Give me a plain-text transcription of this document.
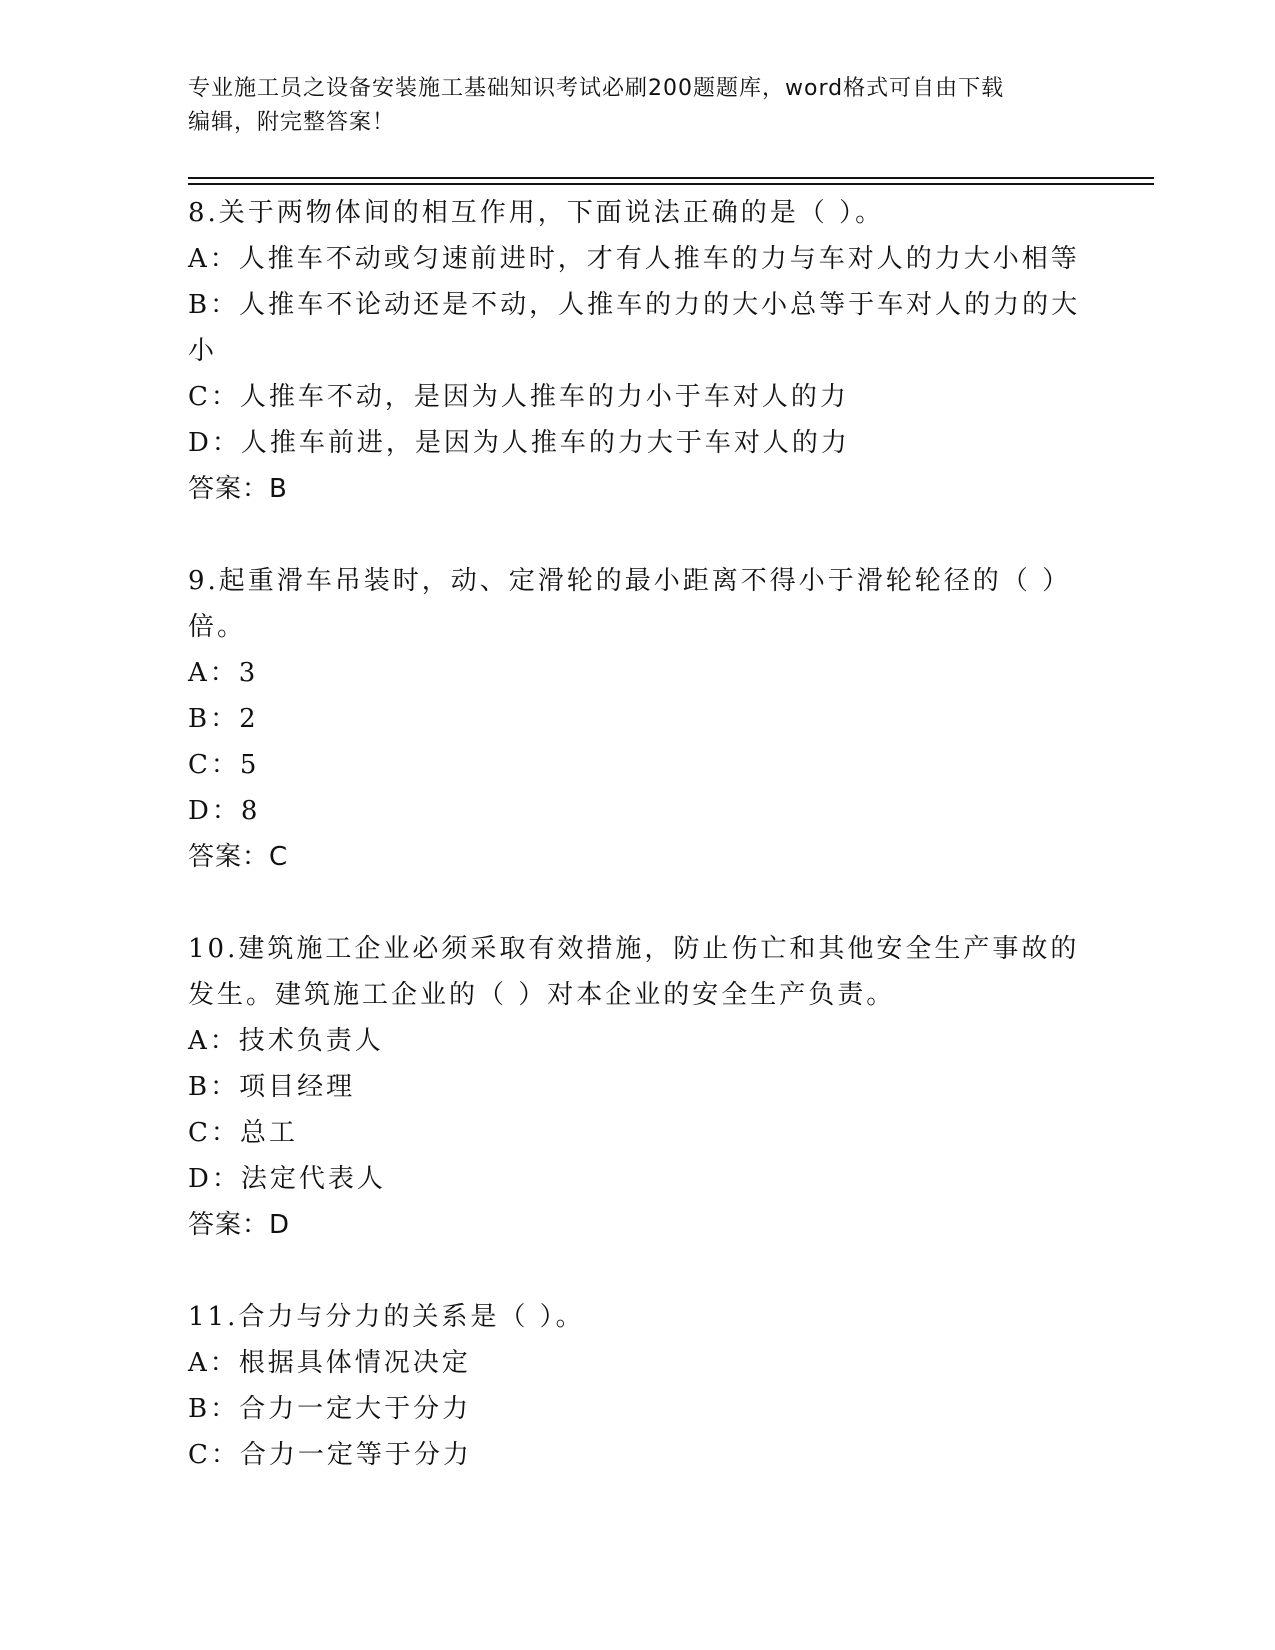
专业施工员之设备安装施工基础知识考试必刷200题题库，word格式可自由下载
编辑，附完整答案！

8.关于两物体间的相互作用，下面说法正确的是（ ）。

A：人推车不动或匀速前进时，才有人推车的力与车对人的力大小相等

B：人推车不论动还是不动，人推车的力的大小总等于车对人的力的大小

C：人推车不动，是因为人推车的力小于车对人的力

D：人推车前进，是因为人推车的力大于车对人的力

答案：B

9.起重滑车吊装时，动、定滑轮的最小距离不得小于滑轮轮径的（ ）倍。

A：3

B：2

C：5

D：8

答案：C

10.建筑施工企业必须采取有效措施，防止伤亡和其他安全生产事故的发生。建筑施工企业的（ ）对本企业的安全生产负责。

A：技术负责人

B：项目经理

C：总工

D：法定代表人

答案：D

11.合力与分力的关系是（ ）。

A：根据具体情况决定

B：合力一定大于分力

C：合力一定等于分力
